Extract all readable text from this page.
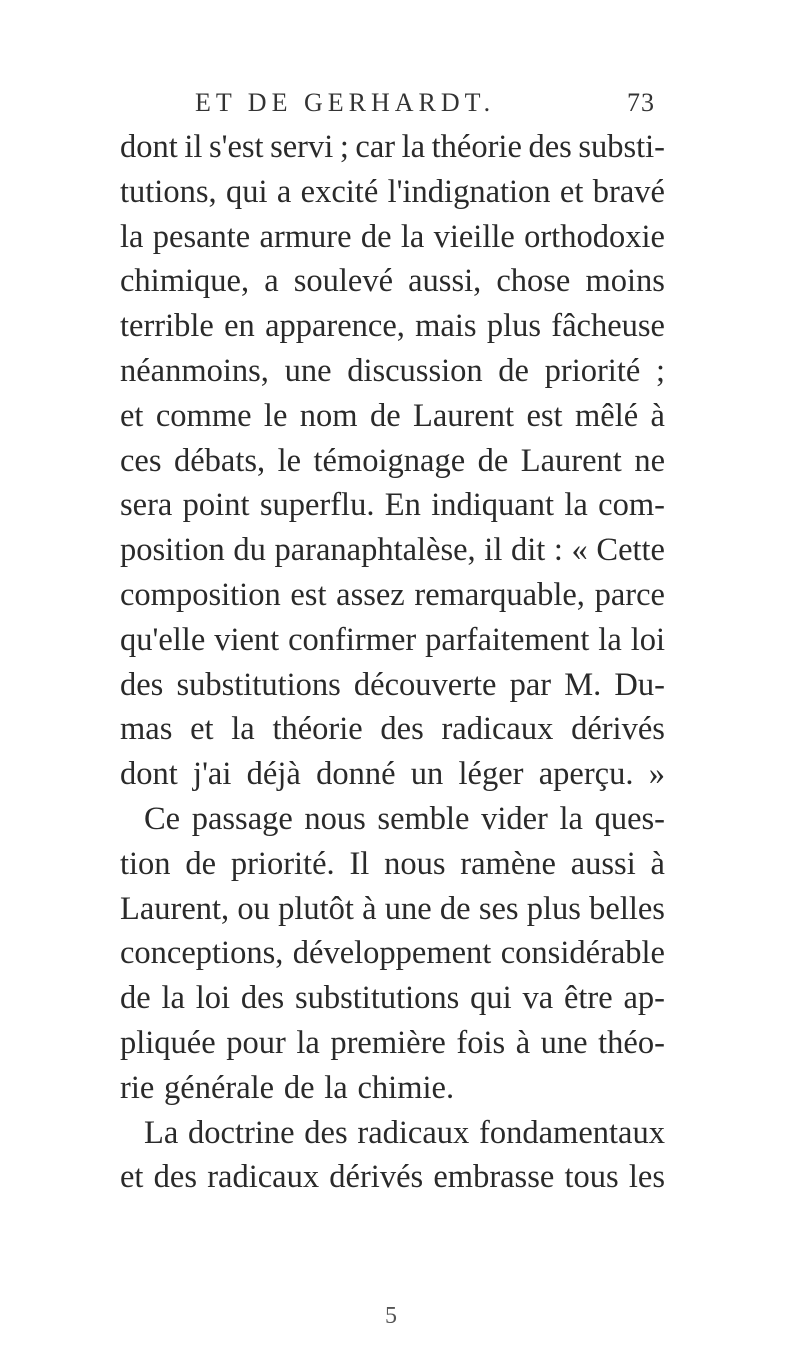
ET DE GERHARDT.	73
dont il s'est servi ; car la théorie des substi-
tutions, qui a excité l'indignation et bravé
la pesante armure de la vieille orthodoxie
chimique, a soulevé aussi, chose moins
terrible en apparence, mais plus fâcheuse
néanmoins, une discussion de priorité ;
et comme le nom de Laurent est mêlé à
ces débats, le témoignage de Laurent ne
sera point superflu. En indiquant la com-
position du paranaphtalèse, il dit : « Cette
composition est assez remarquable, parce
qu'elle vient confirmer parfaitement la loi
des substitutions découverte par M. Du-
mas et la théorie des radicaux dérivés
dont j'ai déjà donné un léger aperçu. »
Ce passage nous semble vider la ques-
tion de priorité. Il nous ramène aussi à
Laurent, ou plutôt à une de ses plus belles
conceptions, développement considérable
de la loi des substitutions qui va être ap-
pliquée pour la première fois à une théo-
rie générale de la chimie.
La doctrine des radicaux fondamentaux
et des radicaux dérivés embrasse tous les
5
